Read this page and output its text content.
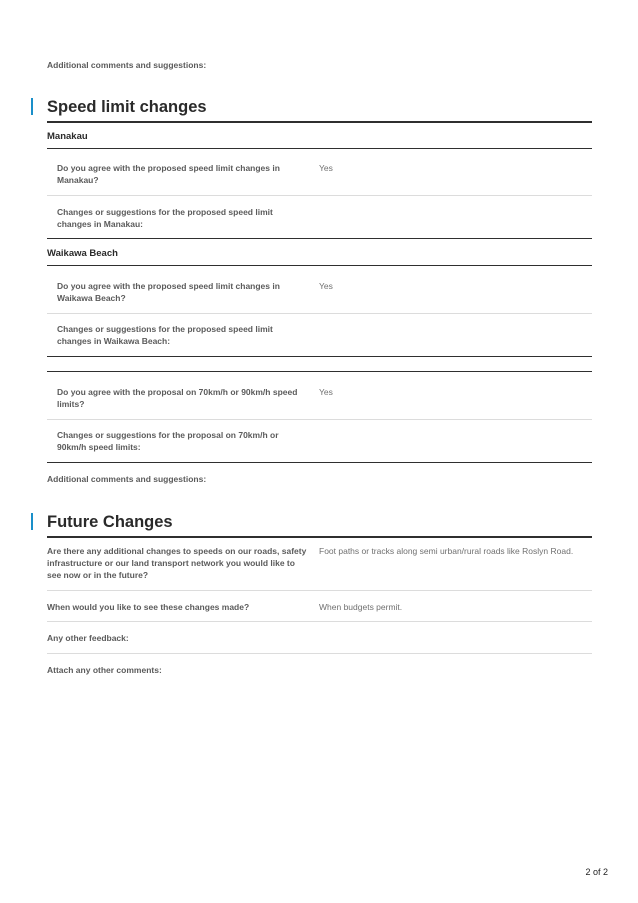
Additional comments and suggestions:
Speed limit changes
Manakau
Do you agree with the proposed speed limit changes in Manakau?
Yes
Changes or suggestions for the proposed speed limit changes in Manakau:
Waikawa Beach
Do you agree with the proposed speed limit changes in Waikawa Beach?
Yes
Changes or suggestions for the proposed speed limit changes in Waikawa Beach:
Do you agree with the proposal on 70km/h or 90km/h speed limits?
Yes
Changes or suggestions for the proposal on 70km/h or 90km/h speed limits:
Additional comments and suggestions:
Future Changes
Are there any additional changes to speeds on our roads, safety infrastructure or our land transport network you would like to see now or in the future?
Foot paths or tracks along semi urban/rural roads like Roslyn Road.
When would you like to see these changes made?	When budgets permit.
Any other feedback:
Attach any other comments:
2 of 2
